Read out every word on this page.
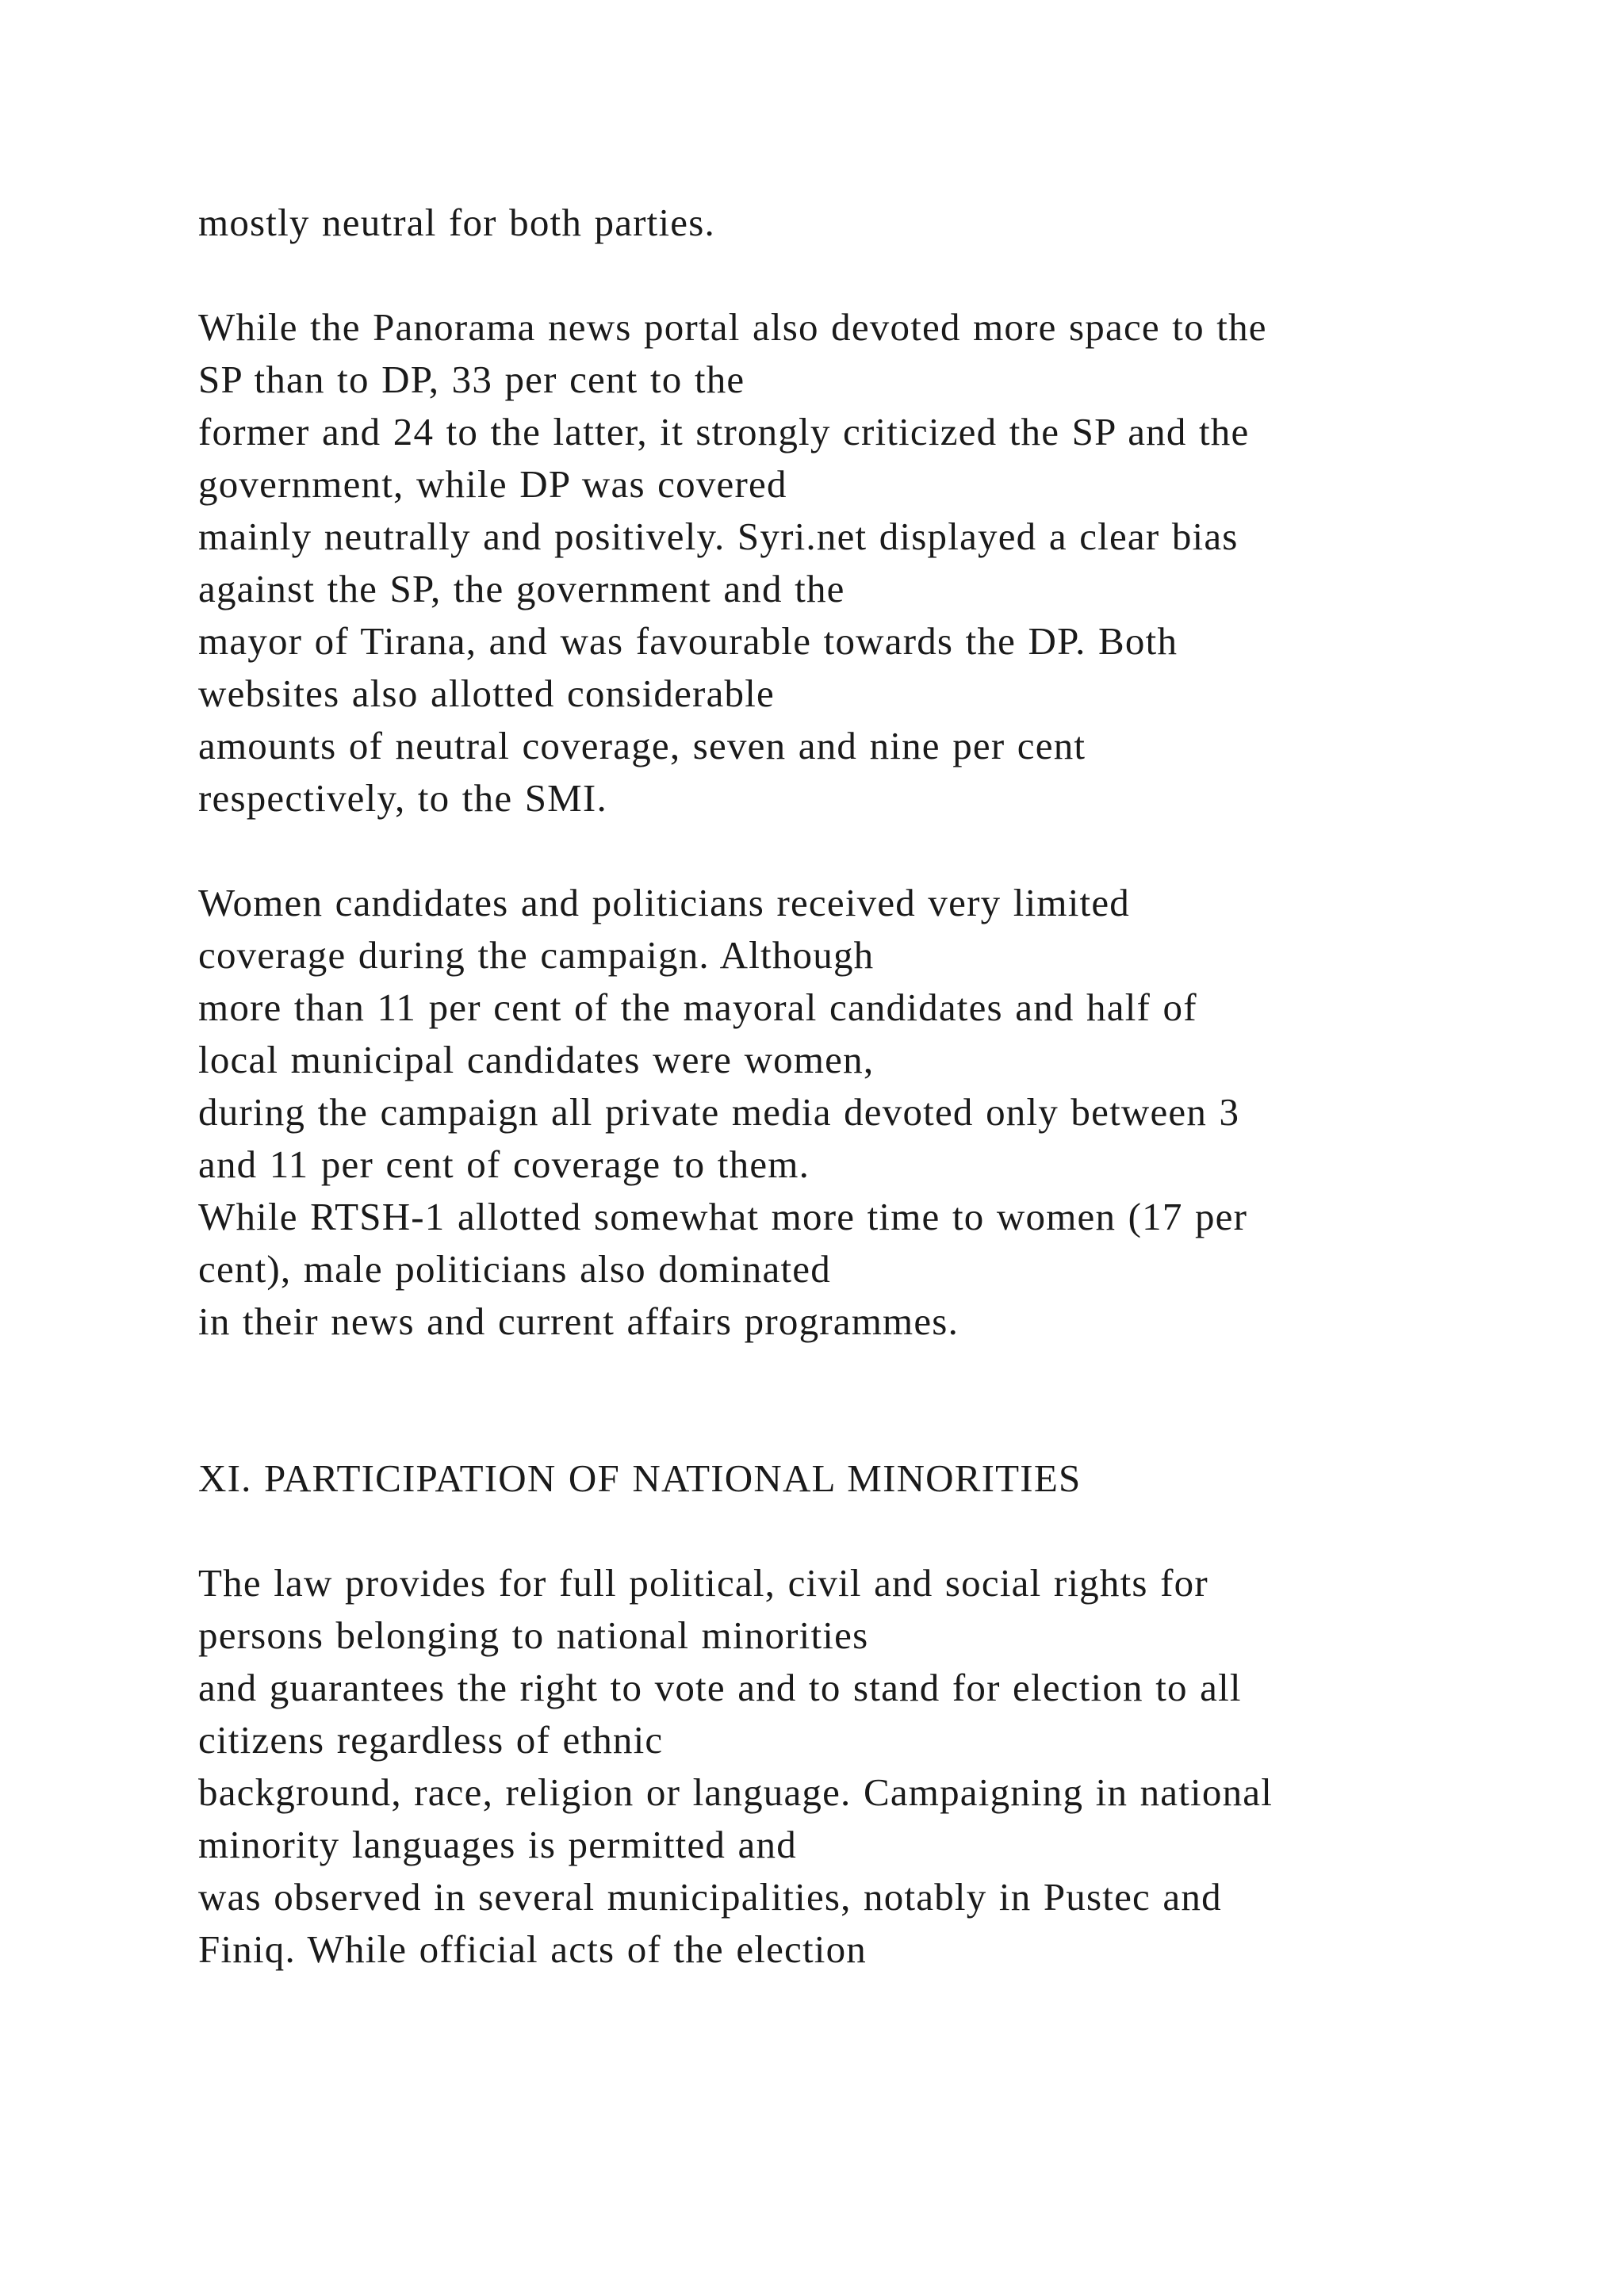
mostly neutral for both parties.
While the Panorama news portal also devoted more space to the
SP than to DP, 33 per cent to the
former and 24 to the latter, it strongly criticized the SP and the
government, while DP was covered
mainly neutrally and positively. Syri.net displayed a clear bias
against the SP, the government and the
mayor of Tirana, and was favourable towards the DP. Both
websites also allotted considerable
amounts of neutral coverage, seven and nine per cent
respectively, to the SMI.
Women candidates and politicians received very limited
coverage during the campaign. Although
more than 11 per cent of the mayoral candidates and half of
local municipal candidates were women,
during the campaign all private media devoted only between 3
and 11 per cent of coverage to them.
While RTSH-1 allotted somewhat more time to women (17 per
cent), male politicians also dominated
in their news and current affairs programmes.
XI. PARTICIPATION OF NATIONAL MINORITIES
The law provides for full political, civil and social rights for
persons belonging to national minorities
and guarantees the right to vote and to stand for election to all
citizens regardless of ethnic
background, race, religion or language. Campaigning in national
minority languages is permitted and
was observed in several municipalities, notably in Pustec and
Finiq. While official acts of the election
